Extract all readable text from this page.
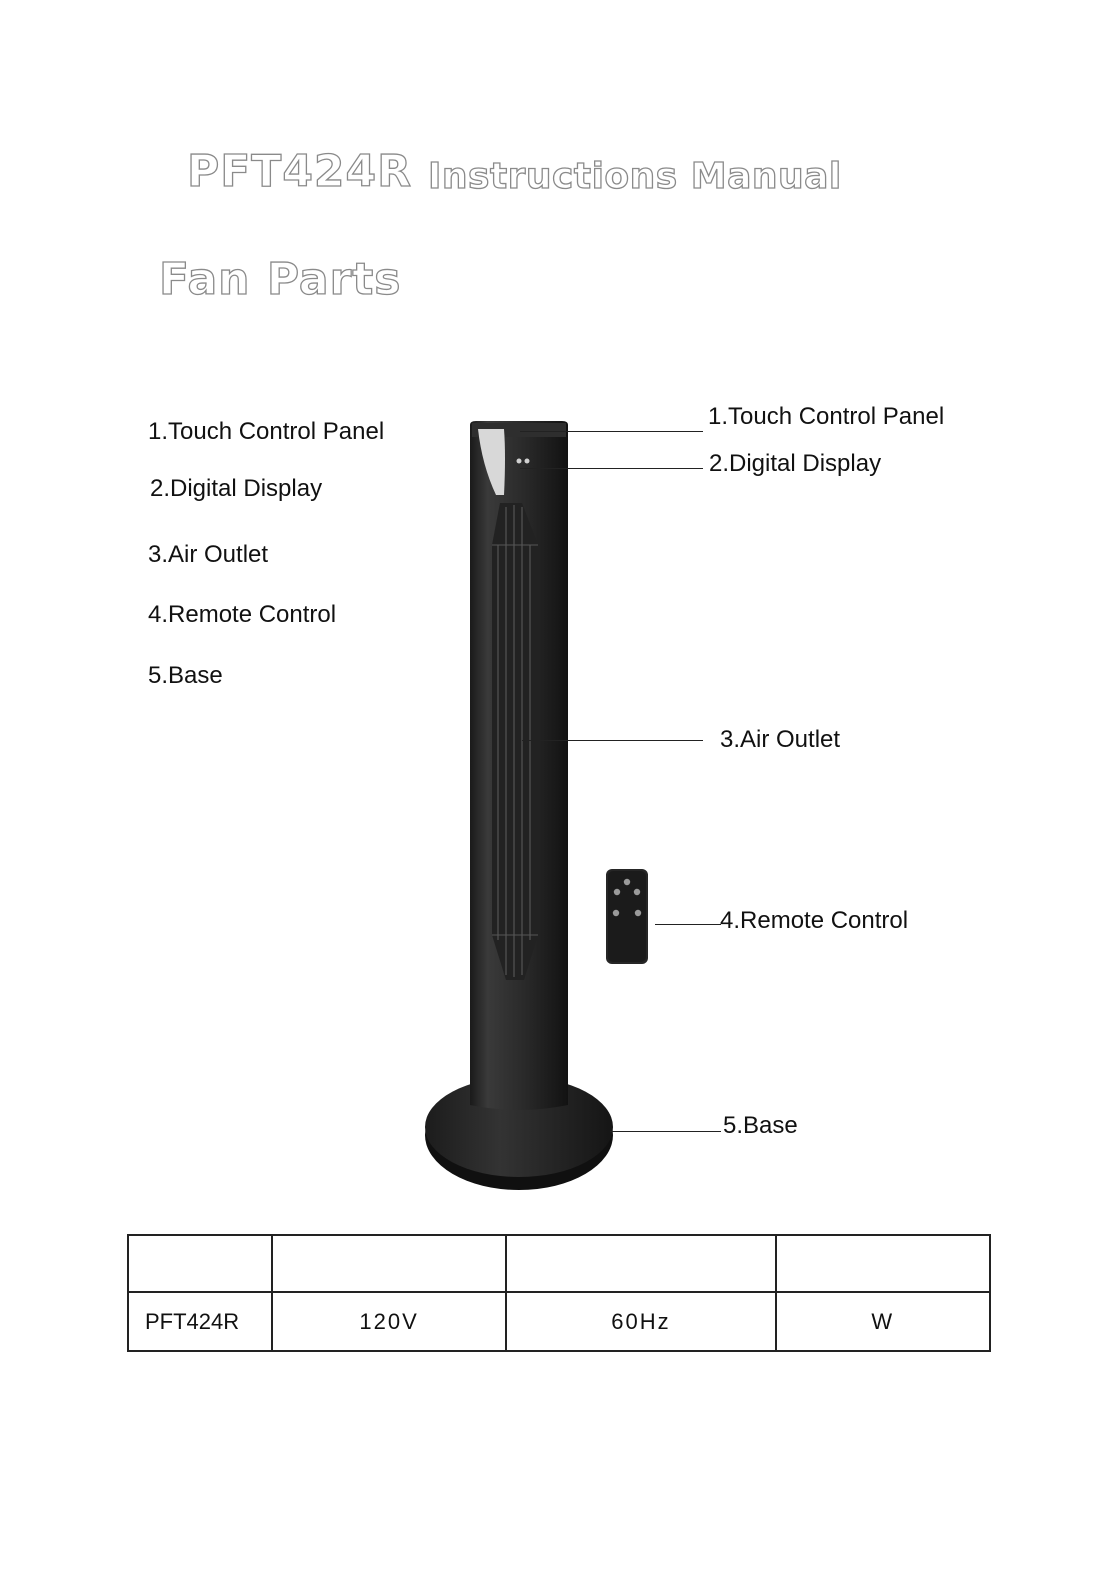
PFT424R Instructions Manual
Fan Parts
1.Touch Control Panel
2.Digital Display
3.Air Outlet
4.Remote Control
5.Base
1.Touch Control Panel
2.Digital Display
3.Air Outlet
4.Remote Control
5.Base

PFT424R	120V	60Hz	W
